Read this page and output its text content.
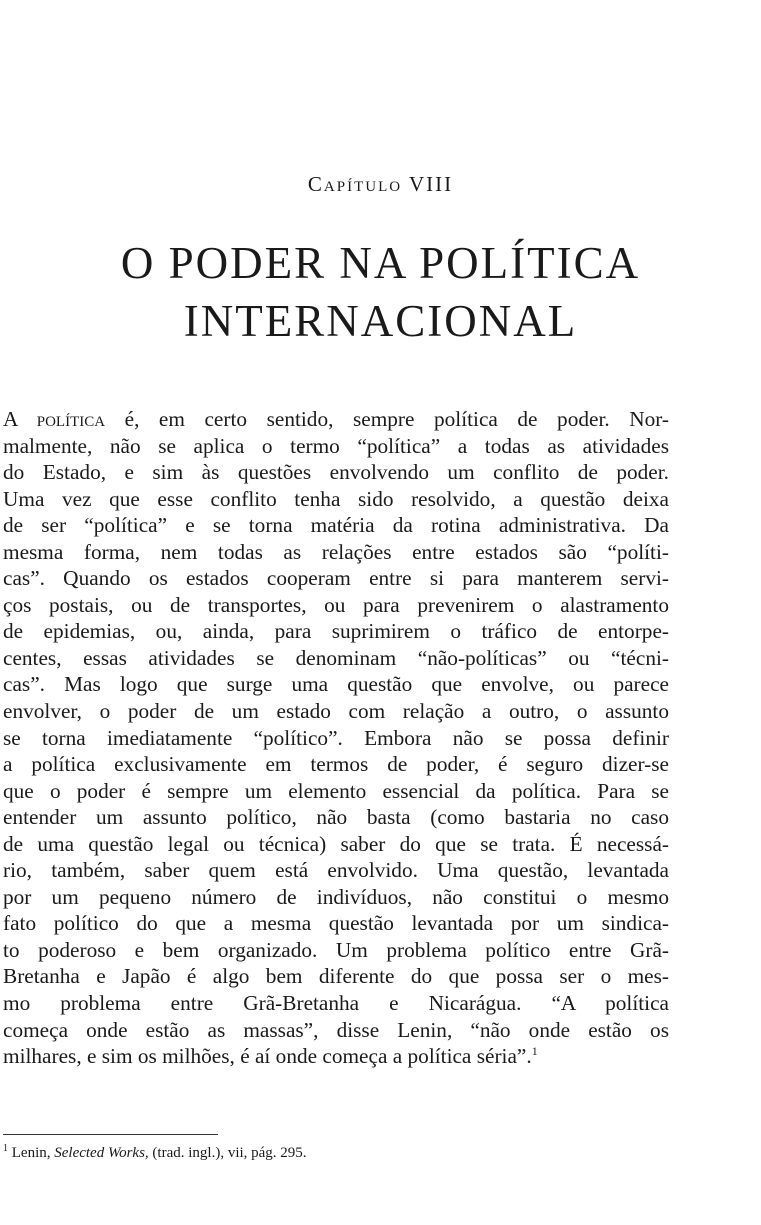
Capítulo VIII
O PODER NA POLÍTICA
INTERNACIONAL
A política é, em certo sentido, sempre política de poder. Nor-
malmente, não se aplica o termo “política” a todas as atividades
do Estado, e sim às questões envolvendo um conflito de poder.
Uma vez que esse conflito tenha sido resolvido, a questão deixa
de ser “política” e se torna matéria da rotina administrativa. Da
mesma forma, nem todas as relações entre estados são “políti-
cas”. Quando os estados cooperam entre si para manterem servi-
ços postais, ou de transportes, ou para prevenirem o alastramento
de epidemias, ou, ainda, para suprimirem o tráfico de entorpe-
centes, essas atividades se denominam “não-políticas” ou “técni-
cas”. Mas logo que surge uma questão que envolve, ou parece
envolver, o poder de um estado com relação a outro, o assunto
se torna imediatamente “político”. Embora não se possa definir
a política exclusivamente em termos de poder, é seguro dizer-se
que o poder é sempre um elemento essencial da política. Para se
entender um assunto político, não basta (como bastaria no caso
de uma questão legal ou técnica) saber do que se trata. É necessá-
rio, também, saber quem está envolvido. Uma questão, levantada
por um pequeno número de indivíduos, não constitui o mesmo
fato político do que a mesma questão levantada por um sindica-
to poderoso e bem organizado. Um problema político entre Grã-
Bretanha e Japão é algo bem diferente do que possa ser o mes-
mo problema entre Grã-Bretanha e Nicarágua. “A política
começa onde estão as massas”, disse Lenin, “não onde estão os
milhares, e sim os milhões, é aí onde começa a política séria”.$^1$
$^1$ Lenin, Selected Works, (trad. ingl.), vii, pág. 295.
